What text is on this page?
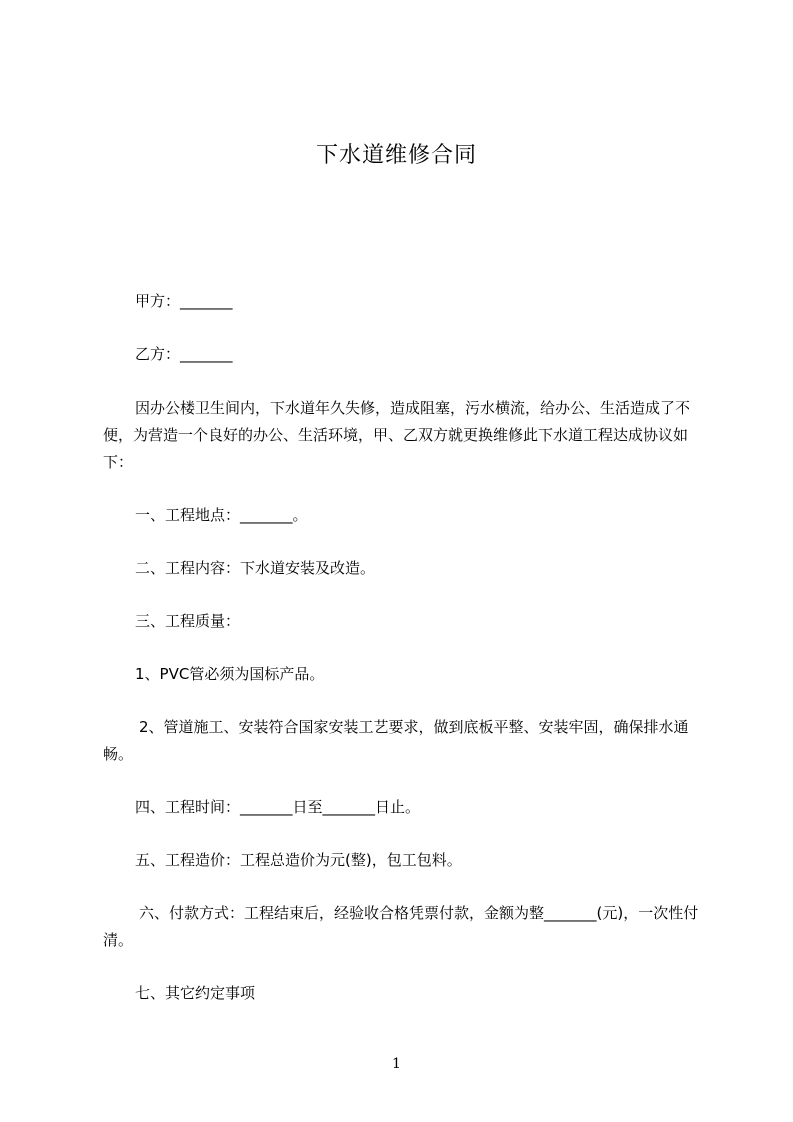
下水道维修合同

甲方：_______

乙方：_______

因办公楼卫生间内，下水道年久失修，造成阻塞，污水横流，给办公、生活造成了不便，为营造一个良好的办公、生活环境，甲、乙双方就更换维修此下水道工程达成协议如下：

一、工程地点：_______。

二、工程内容：下水道安装及改造。

三、工程质量：

1、PVC管必须为国标产品。

2、管道施工、安装符合国家安装工艺要求，做到底板平整、安装牢固，确保排水通畅。

四、工程时间：_______日至_______日止。

五、工程造价：工程总造价为元(整)，包工包料。

六、付款方式：工程结束后，经验收合格凭票付款，金额为整_______(元)，一次性付清。

七、其它约定事项

1
